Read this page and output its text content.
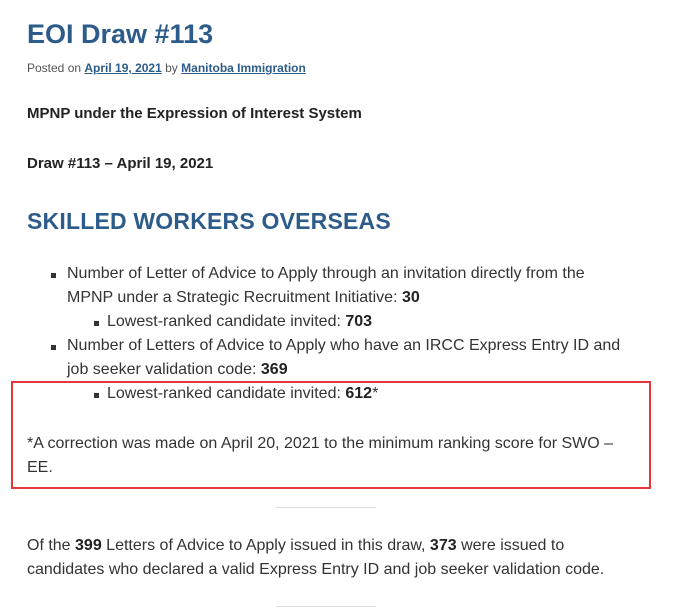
EOI Draw #113
Posted on April 19, 2021 by Manitoba Immigration

MPNP under the Expression of Interest System

Draw #113 – April 19, 2021

SKILLED WORKERS OVERSEAS
Number of Letter of Advice to Apply through an invitation directly from the
MPNP under a Strategic Recruitment Initiative: 30
Lowest-ranked candidate invited: 703
Number of Letters of Advice to Apply who have an IRCC Express Entry ID and
job seeker validation code: 369
Lowest-ranked candidate invited: 612*
*A correction was made on April 20, 2021 to the minimum ranking score for SWO –
EE.
Of the 399 Letters of Advice to Apply issued in this draw, 373 were issued to
candidates who declared a valid Express Entry ID and job seeker validation code.
